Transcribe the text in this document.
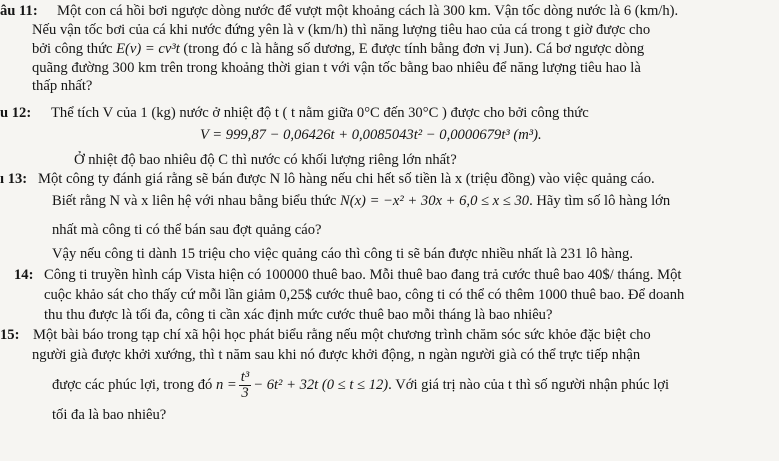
âu 11: Một con cá hồi bơi ngược dòng nước để vượt một khoảng cách là 300 km. Vận tốc dòng nước là 6 (km/h).
Nếu vận tốc bơi của cá khi nước đứng yên là v (km/h) thì năng lượng tiêu hao của cá trong t giờ được cho
bởi công thức E(v) = cv³t (trong đó c là hằng số dương, E được tính bằng đơn vị Jun). Cá bơ ngược dòng
quãng đường 300 km trên trong khoảng thời gian t với vận tốc bằng bao nhiêu để năng lượng tiêu hao là
thấp nhất?
u 12: Thể tích V của 1 (kg) nước ở nhiệt độ t ( t nằm giữa 0°C đến 30°C ) được cho bởi công thức
V = 999,87 − 0,06426t + 0,0085043t² − 0,0000679t³ (m³).
Ở nhiệt độ bao nhiêu độ C thì nước có khối lượng riêng lớn nhất?
ı 13: Một công ty đánh giá rằng sẽ bán được N lô hàng nếu chi hết số tiền là x (triệu đồng) vào việc quảng cáo.
Biết rằng N và x liên hệ với nhau bằng biểu thức N(x) = −x² + 30x + 6,0 ≤ x ≤ 30. Hãy tìm số lô hàng lớn
nhất mà công ti có thể bán sau đợt quảng cáo?
Vậy nếu công ti dành 15 triệu cho việc quảng cáo thì công ti sẽ bán được nhiều nhất là 231 lô hàng.
14: Công ti truyền hình cáp Vista hiện có 100000 thuê bao. Mỗi thuê bao đang trả cước thuê bao 40$/ tháng. Một
cuộc khảo sát cho thấy cứ mỗi lần giảm 0,25$ cước thuê bao, công ti có thể có thêm 1000 thuê bao. Để doanh
thu thu được là tối đa, công ti cần xác định mức cước thuê bao mỗi tháng là bao nhiêu?
15: Một bài báo trong tạp chí xã hội học phát biểu rằng nếu một chương trình chăm sóc sức khỏe đặc biệt cho
người già được khởi xướng, thì t năm sau khi nó được khởi động, n ngàn người già có thể trực tiếp nhận
được các phúc lợi, trong đó $n = \frac{\text{t³}}{3} - 6t^2 + 32t$ (0 ≤ t ≤ 12). Với giá trị nào của t thì số người nhận phúc lợi
tối đa là bao nhiêu?
